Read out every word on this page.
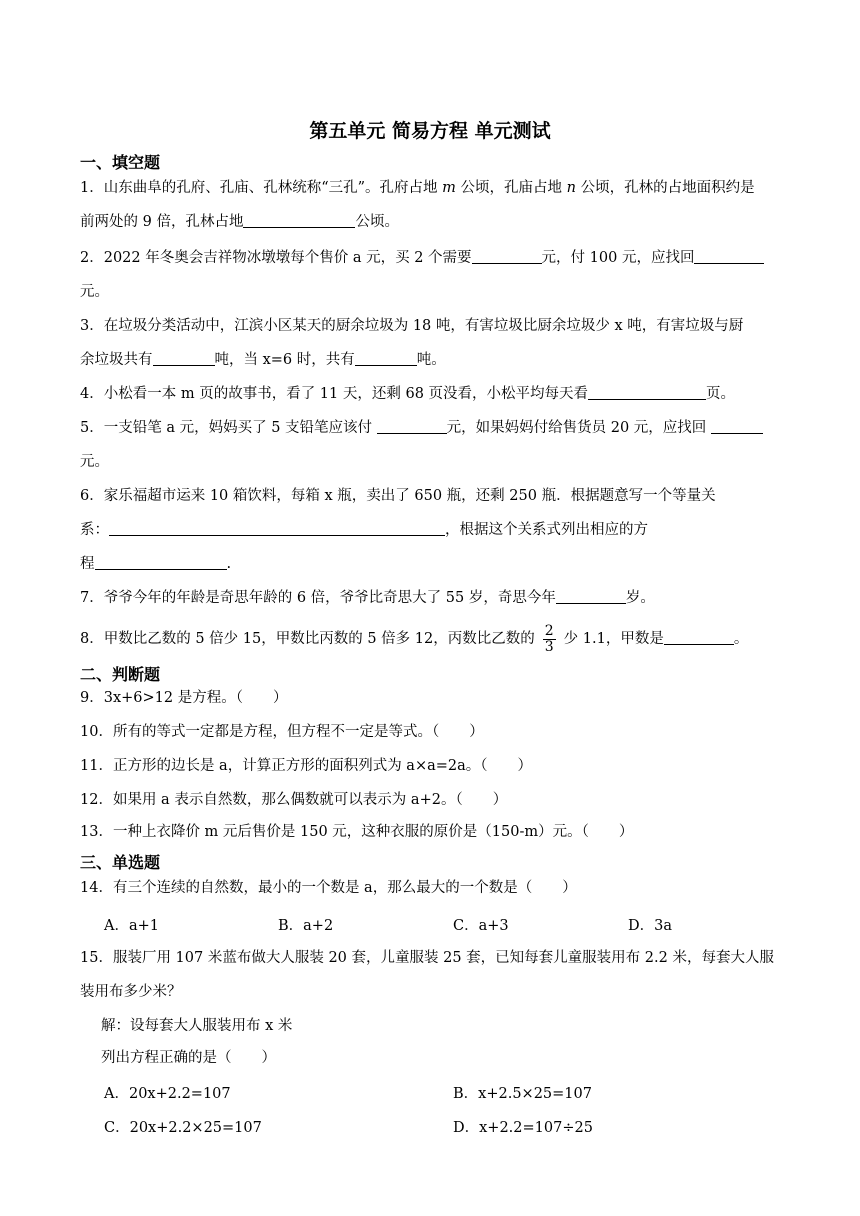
第五单元 简易方程 单元测试
一、填空题
1．山东曲阜的孔府、孔庙、孔林统称“三孔”。孔府占地 m 公顷，孔庙占地 n 公顷，孔林的占地面积约是
前两处的 9 倍，孔林占地	公顷。
2．2022 年冬奥会吉祥物冰墩墩每个售价 a 元，买 2 个需要	元，付 100 元，应找回
元。
3．在垃圾分类活动中，江滨小区某天的厨余垃圾为 18 吨，有害垃圾比厨余垃圾少 x 吨，有害垃圾与厨
余垃圾共有	吨，当 x=6 时，共有	吨。
4．小松看一本 m 页的故事书，看了 11 天，还剩 68 页没看，小松平均每天看	页。
5．一支铅笔 a 元，妈妈买了 5 支铅笔应该付	元，如果妈妈付给售货员 20 元，应找回
元。
6．家乐福超市运来 10 箱饮料，每箱 x 瓶，卖出了 650 瓶，还剩 250 瓶．根据题意写一个等量关
系：	，根据这个关系式列出相应的方
程	.
7．爷爷今年的年龄是奇思年龄的 6 倍，爷爷比奇思大了 55 岁，奇思今年	岁。
8．甲数比乙数的 5 倍少 15，甲数比丙数的 5 倍多 12，丙数比乙数的 $\frac{2}{3}$ 少 1.1，甲数是	。
二、判断题
9．3x+6>12 是方程。（ ）
10．所有的等式一定都是方程，但方程不一定是等式。（ ）
11．正方形的边长是 a，计算正方形的面积列式为 a×a=2a。（ ）
12．如果用 a 表示自然数，那么偶数就可以表示为 a+2。（ ）
13．一种上衣降价 m 元后售价是 150 元，这种衣服的原价是（150-m）元。（ ）
三、单选题
14．有三个连续的自然数，最小的一个数是 a，那么最大的一个数是（ ）
A．a+1	B．a+2	C．a+3	D．3a
15．服装厂用 107 米蓝布做大人服装 20 套，儿童服装 25 套，已知每套儿童服装用布 2.2 米，每套大人服
装用布多少米？
解：设每套大人服装用布 x 米
列出方程正确的是（ ）
A．20x+2.2=107	B．x+2.5×25=107
C．20x+2.2×25=107	D．x+2.2=107÷25
